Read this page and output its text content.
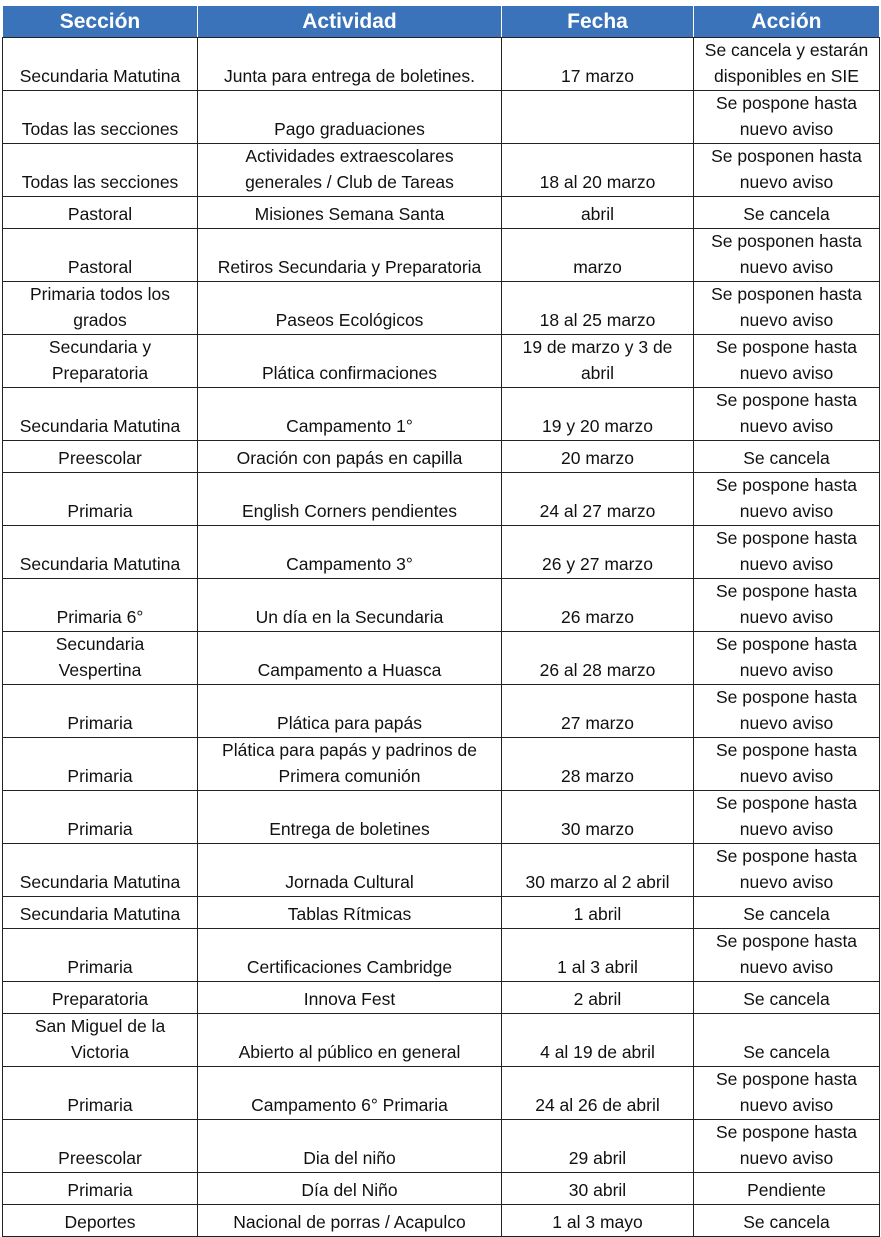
Sección	Actividad	Fecha	Acción

Secundaria Matutina	Junta para entrega de boletines.	17 marzo	Se cancela y estarán
disponibles en SIE

Todas las secciones	Pago graduaciones		Se pospone hasta
nuevo aviso

Todas las secciones	Actividades extraescolares
generales / Club de Tareas	18 al 20 marzo	Se posponen hasta
nuevo aviso

Pastoral	Misiones Semana Santa	abril	Se cancela

Pastoral	Retiros Secundaria y Preparatoria	marzo	Se posponen hasta
nuevo aviso

Primaria todos los
grados	Paseos Ecológicos	18 al 25 marzo	Se posponen hasta
nuevo aviso

Secundaria y
Preparatoria	Plática confirmaciones	19 de marzo y 3 de
abril	Se pospone hasta
nuevo aviso

Secundaria Matutina	Campamento 1°	19 y 20 marzo	Se pospone hasta
nuevo aviso

Preescolar	Oración con papás en capilla	20 marzo	Se cancela

Primaria	English Corners pendientes	24 al 27 marzo	Se pospone hasta
nuevo aviso

Secundaria Matutina	Campamento 3°	26 y 27 marzo	Se pospone hasta
nuevo aviso

Primaria 6°	Un día en la Secundaria	26 marzo	Se pospone hasta
nuevo aviso

Secundaria
Vespertina	Campamento a Huasca	26 al 28 marzo	Se pospone hasta
nuevo aviso

Primaria	Plática para papás	27 marzo	Se pospone hasta
nuevo aviso

Primaria	Plática para papás y padrinos de
Primera comunión	28 marzo	Se pospone hasta
nuevo aviso

Primaria	Entrega de boletines	30 marzo	Se pospone hasta
nuevo aviso

Secundaria Matutina	Jornada Cultural	30 marzo al 2 abril	Se pospone hasta
nuevo aviso

Secundaria Matutina	Tablas Rítmicas	1 abril	Se cancela

Primaria	Certificaciones Cambridge	1 al 3 abril	Se pospone hasta
nuevo aviso

Preparatoria	Innova Fest	2 abril	Se cancela

San Miguel de la
Victoria	Abierto al público en general	4 al 19 de abril	Se cancela

Primaria	Campamento 6° Primaria	24 al 26 de abril	Se pospone hasta
nuevo aviso

Preescolar	Dia del niño	29 abril	Se pospone hasta
nuevo aviso

Primaria	Día del Niño	30 abril	Pendiente

Deportes	Nacional de porras / Acapulco	1 al 3 mayo	Se cancela
